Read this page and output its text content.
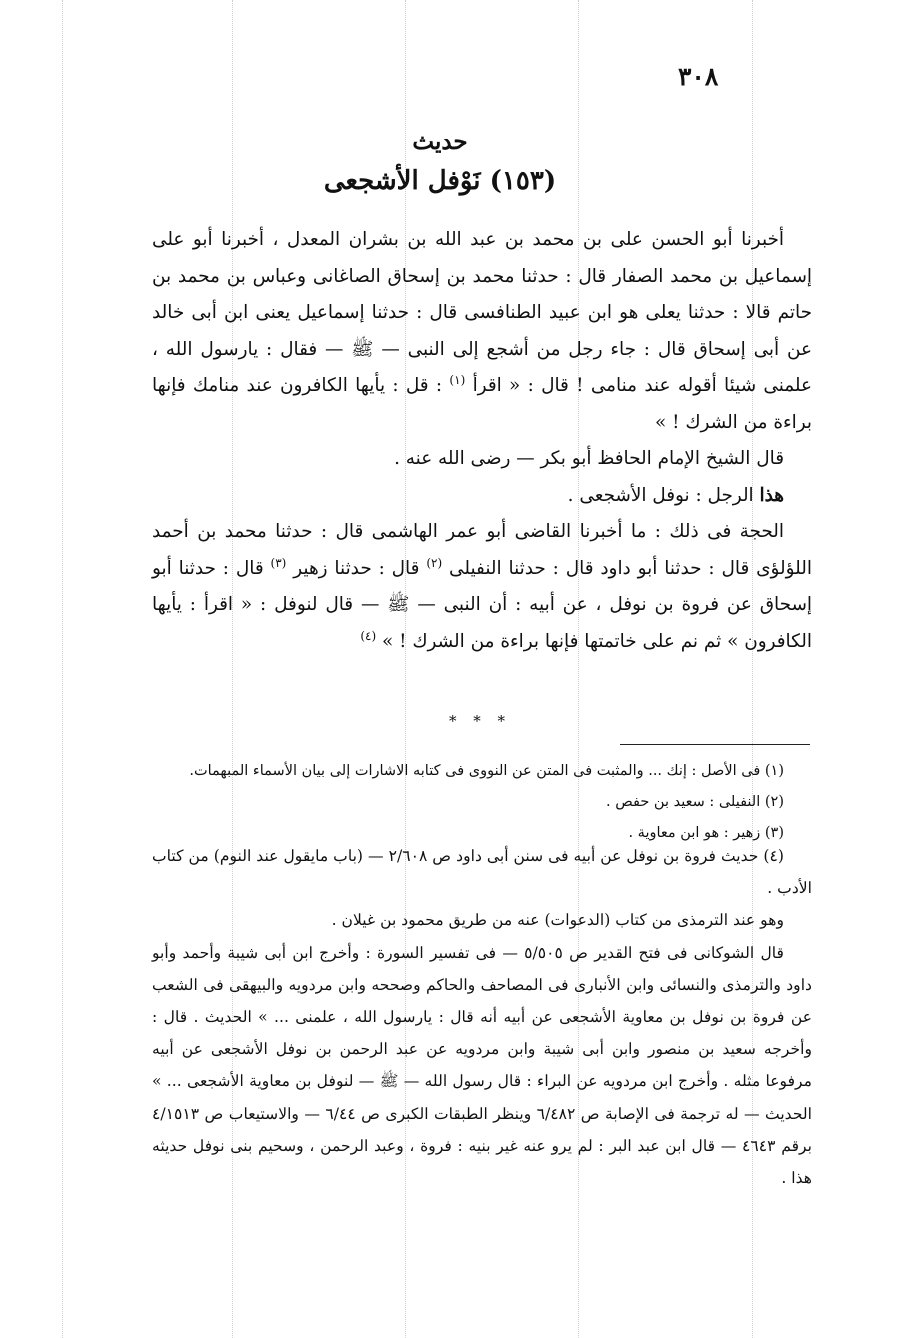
٣٠٨
حديث
(١٥٣) نَوْفل الأشجعى

أخبرنا أبو الحسن على بن محمد بن عبد الله بن بشران المعدل ، أخبرنا أبو على إسماعيل بن محمد الصفار قال : حدثنا محمد بن إسحاق الصاغانى وعباس بن محمد بن حاتم قالا : حدثنا يعلى هو ابن عبيد الطنافسى قال : حدثنا إسماعيل يعنى ابن أبى خالد عن أبى إسحاق قال : جاء رجل من أشجع إلى النبى — ﷺ — فقال : يارسول الله ، علمنى شيئا أقوله عند منامى ! قال : « اقرأ $^{(١)}$ : قل : يأيها الكافرون عند منامك فإنها براءة من الشرك ! »

قال الشيخ الإمام الحافظ أبو بكر — رضى الله عنه .

هذا الرجل : نوفل الأشجعى .

الحجة فى ذلك : ما أخبرنا القاضى أبو عمر الهاشمى قال : حدثنا محمد بن أحمد اللؤلؤى قال : حدثنا أبو داود قال : حدثنا النفيلى $^{(٢)}$ قال : حدثنا زهير $^{(٣)}$ قال : حدثنا أبو إسحاق عن فروة بن نوفل ، عن أبيه : أن النبى — ﷺ — قال لنوفل : « اقرأ : يأيها الكافرون » ثم نم على خاتمتها فإنها براءة من الشرك ! » $^{(٤)}$

* * *

(١) فى الأصل : إنك ... والمثبت فى المتن عن النووى فى كتابه الاشارات إلى بيان الأسماء المبهمات.

(٢) النفيلى : سعيد بن حفص .

(٣) زهير : هو ابن معاوية .

(٤) حديث فروة بن نوفل عن أبيه فى سنن أبى داود ص ٢/٦٠٨ — (باب مايقول عند النوم) من كتاب الأدب .

وهو عند الترمذى من كتاب (الدعوات) عنه من طريق محمود بن غيلان .

قال الشوكانى فى فتح القدير ص ٥/٥٠٥ — فى تفسير السورة : وأخرج ابن أبى شيبة وأحمد وأبو داود والترمذى والنسائى وابن الأنبارى فى المصاحف والحاكم وصححه وابن مردويه والبيهقى فى الشعب عن فروة بن نوفل بن معاوية الأشجعى عن أبيه أنه قال : يارسول الله ، علمنى ... » الحديث . قال : وأخرجه سعيد بن منصور وابن أبى شيبة وابن مردويه عن عبد الرحمن بن نوفل الأشجعى عن أبيه مرفوعا مثله . وأخرج ابن مردويه عن البراء : قال رسول الله — ﷺ — لنوفل بن معاوية الأشجعى ... » الحديث — له ترجمة فى الإصابة ص ٦/٤٨٢ وينظر الطبقات الكبرى ص ٦/٤٤ — والاستيعاب ص ٤/١٥١٣ برقم ٤٦٤٣ — قال ابن عبد البر : لم يرو عنه غير بنيه : فروة ، وعبد الرحمن ، وسحيم بنى نوفل حديثه هذا .
